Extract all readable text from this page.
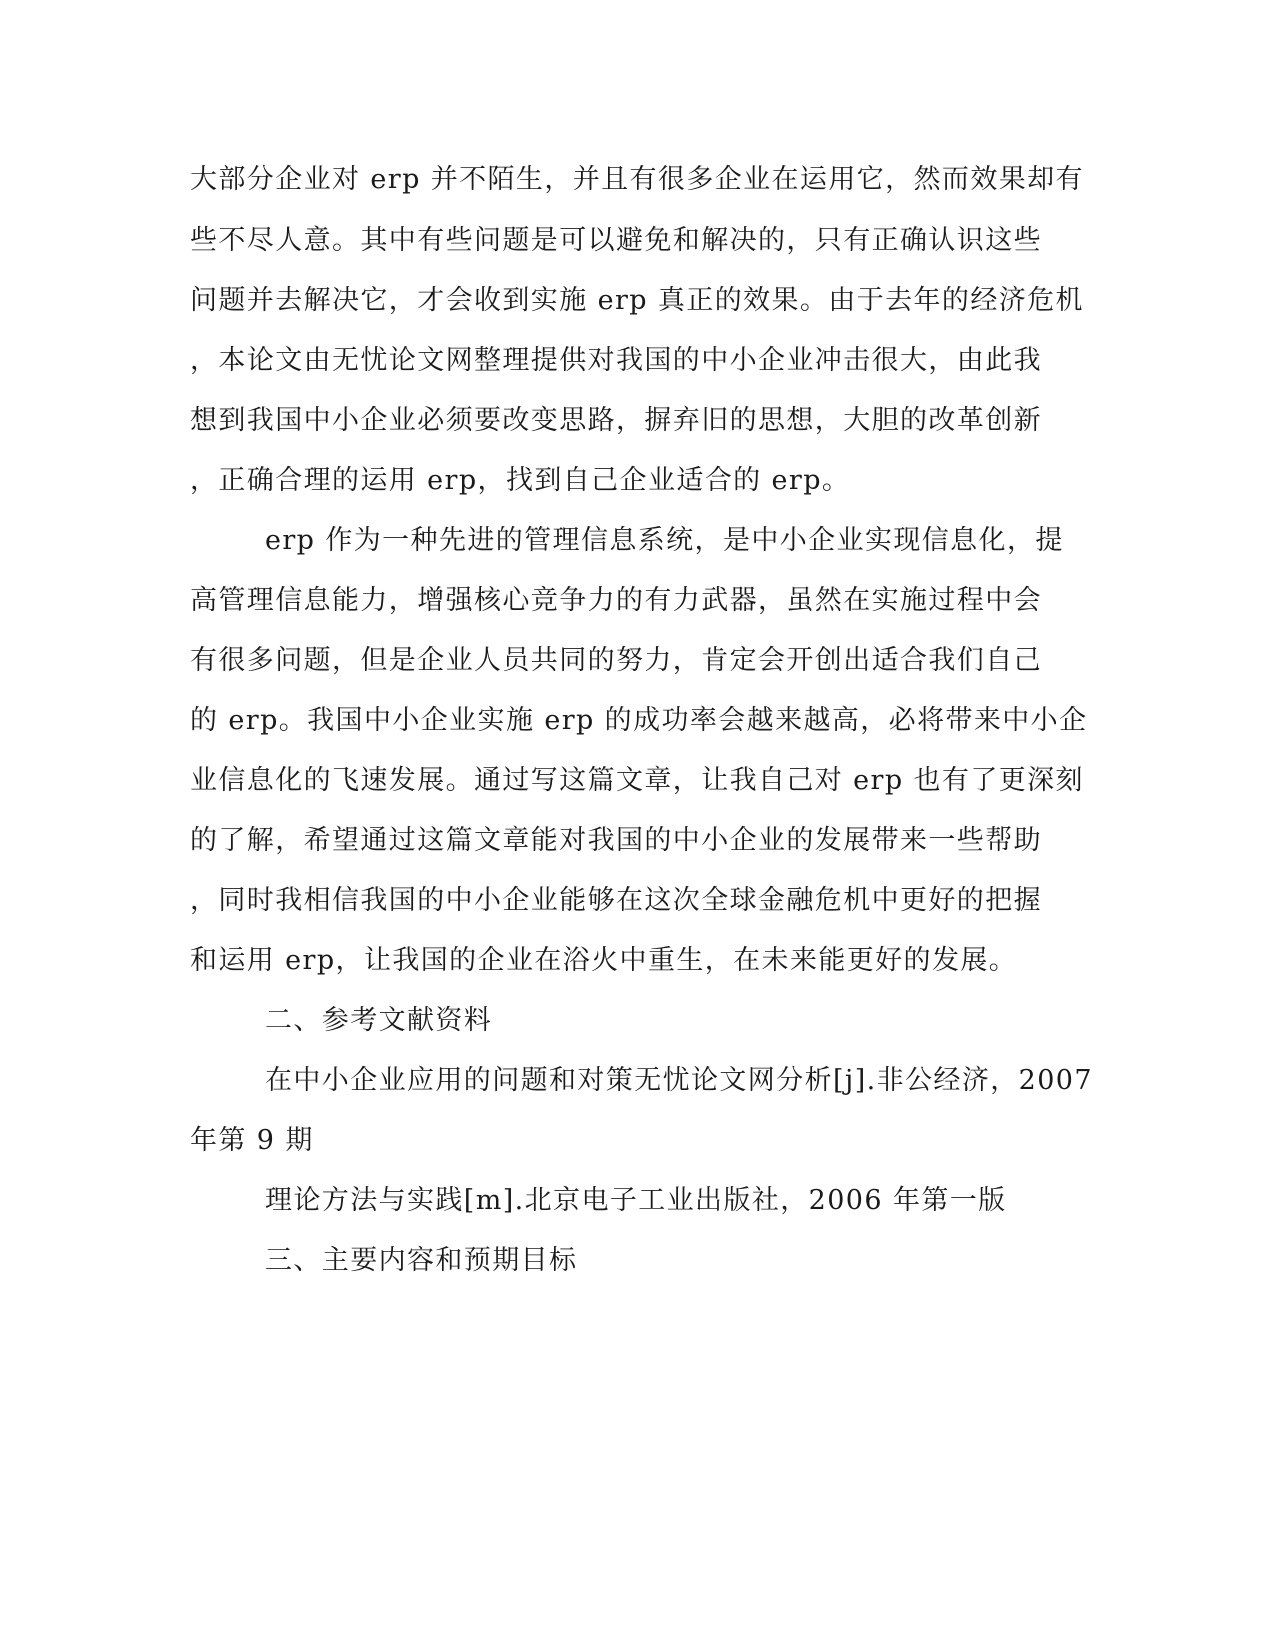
大部分企业对 erp 并不陌生，并且有很多企业在运用它，然而效果却有
些不尽人意。其中有些问题是可以避免和解决的，只有正确认识这些
问题并去解决它，才会收到实施 erp 真正的效果。由于去年的经济危机
，本论文由无忧论文网整理提供对我国的中小企业冲击很大，由此我
想到我国中小企业必须要改变思路，摒弃旧的思想，大胆的改革创新
，正确合理的运用 erp，找到自己企业适合的 erp。
erp 作为一种先进的管理信息系统，是中小企业实现信息化，提
高管理信息能力，增强核心竞争力的有力武器，虽然在实施过程中会
有很多问题，但是企业人员共同的努力，肯定会开创出适合我们自己
的 erp。我国中小企业实施 erp 的成功率会越来越高，必将带来中小企
业信息化的飞速发展。通过写这篇文章，让我自己对 erp 也有了更深刻
的了解，希望通过这篇文章能对我国的中小企业的发展带来一些帮助
，同时我相信我国的中小企业能够在这次全球金融危机中更好的把握
和运用 erp，让我国的企业在浴火中重生，在未来能更好的发展。
二、参考文献资料
在中小企业应用的问题和对策无忧论文网分析[j].非公经济，2007
年第 9 期
理论方法与实践[m].北京电子工业出版社，2006 年第一版
三、主要内容和预期目标
